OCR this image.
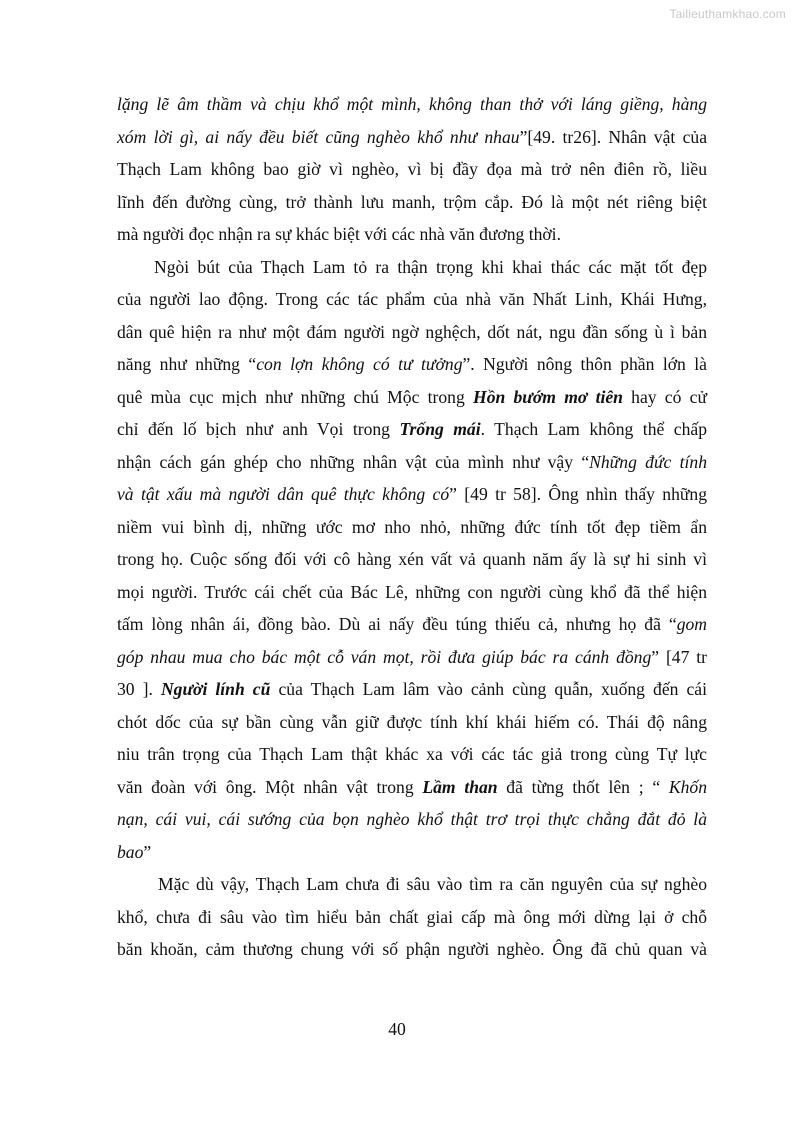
Tailieuthamkhao.com
lặng lẽ âm thầm và chịu khổ một mình, không than thở với láng giềng, hàng
xóm lời gì, ai nấy đều biết cũng nghèo khổ như nhau”[49. tr26]. Nhân vật của
Thạch Lam không bao giờ vì nghèo, vì bị đầy đọa mà trở nên điên rồ, liều
lĩnh đến đường cùng, trở thành lưu manh, trộm cắp. Đó là một nét riêng biệt
mà người đọc nhận ra sự khác biệt với các nhà văn đương thời.
Ngòi bút của Thạch Lam tỏ ra thận trọng khi khai thác các mặt tốt đẹp
của người lao động. Trong các tác phẩm của nhà văn Nhất Linh, Khái Hưng,
dân quê hiện ra như một đám người ngờ nghệch, dốt nát, ngu đần sống ù ì bản
năng như những “con lợn không có tư tưởng”. Người nông thôn phần lớn là
quê mùa cục mịch như những chú Mộc trong Hồn bướm mơ tiên hay có cử
chỉ đến lố bịch như anh Vọi trong Trống mái. Thạch Lam không thể chấp
nhận cách gán ghép cho những nhân vật của mình như vậy “Những đức tính
và tật xấu mà người dân quê thực không có” [49 tr 58]. Ông nhìn thấy những
niềm vui bình dị, những ước mơ nho nhỏ, những đức tính tốt đẹp tiềm ẩn
trong họ. Cuộc sống đối với cô hàng xén vất vả quanh năm ấy là sự hi sinh vì
mọi người. Trước cái chết của Bác Lê, những con người cùng khổ đã thể hiện
tấm lòng nhân ái, đồng bào. Dù ai nấy đều túng thiếu cả, nhưng họ đã “gom
góp nhau mua cho bác một cỗ ván mọt, rồi đưa giúp bác ra cánh đồng” [47 tr
30 ]. Người lính cũ của Thạch Lam lâm vào cảnh cùng quẫn, xuống đến cái
chót dốc của sự bần cùng vẫn giữ được tính khí khái hiếm có. Thái độ nâng
niu trân trọng của Thạch Lam thật khác xa với các tác giả trong cùng Tự lực
văn đoàn với ông. Một nhân vật trong Lầm than đã từng thốt lên ; “ Khốn
nạn, cái vui, cái sướng của bọn nghèo khổ thật trơ trọi thực chẳng đắt đỏ là
bao”
Mặc dù vậy, Thạch Lam chưa đi sâu vào tìm ra căn nguyên của sự nghèo
khổ, chưa đi sâu vào tìm hiểu bản chất giai cấp mà ông mới dừng lại ở chỗ
băn khoăn, cảm thương chung với số phận người nghèo. Ông đã chủ quan và
40
